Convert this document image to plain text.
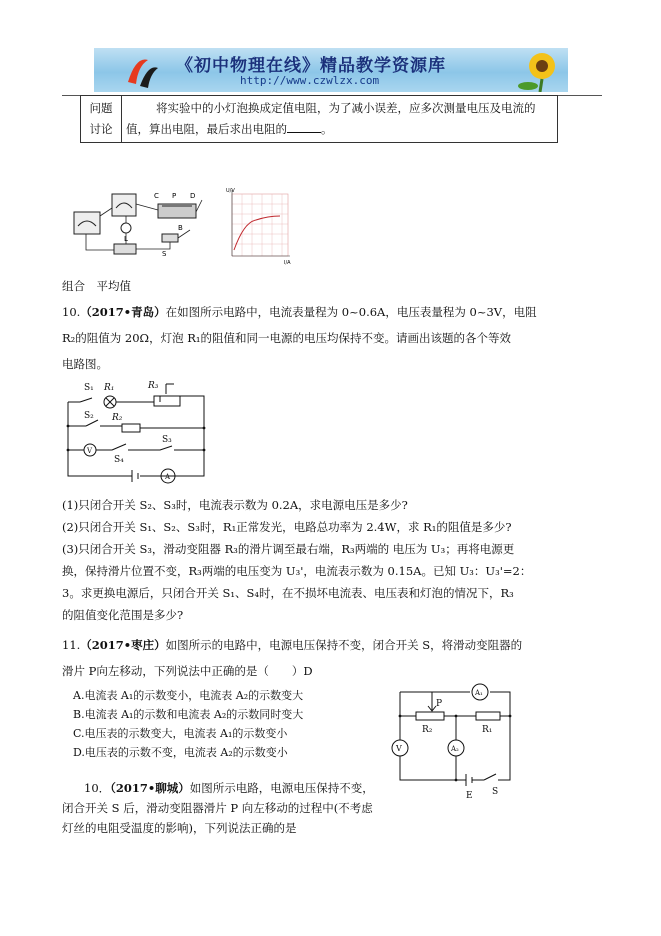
《初中物理在线》精品教学资源库
http://www.czwlzx.com
问题讨论	将实验中的小灯泡换成定值电阻，为了减小误差，应多次测量电压及电流的值，算出电阻，最后求出电阻的	。
C P D
L
S
B
U/V
I/A
组合　平均值
10.（2017•青岛）在如图所示电路中，电流表量程为 0~0.6A，电压表量程为 0~3V，电阻
R₂的阻值为 20Ω，灯泡 R₁的阻值和同一电源的电压均保持不变。请画出该题的各个等效
电路图。
S₁ R₁	R₃
S₂ R₂
S₃
V
S₄
A
(1)只闭合开关 S₂、S₃时，电流表示数为 0.2A，求电源电压是多少?
(2)只闭合开关 S₁、S₂、S₃时，R₁正常发光，电路总功率为 2.4W，求 R₁的阻值是多少?
(3)只闭合开关 S₃，滑动变阻器 R₃的滑片调至最右端，R₃两端的 电压为 U₃；再将电源更
换，保持滑片位置不变，R₃两端的电压变为 U₃'，电流表示数为 0.15A。已知 U₃：U₃'=2：
3。求更换电源后，只闭合开关 S₁、S₄时，在不损坏电流表、电压表和灯泡的情况下，R₃
的阻值变化范围是多少?
11.（2017•枣庄）如图所示的电路中，电源电压保持不变，闭合开关 S，将滑动变阻器的
滑片 P向左移动，下列说法中正确的是（　　）D
A.电流表 A₁的示数变小，电流表 A₂的示数变大
B.电流表 A₁的示数和电流表 A₂的示数同时变大
C.电压表的示数变大，电流表 A₁的示数变小
D.电压表的示数不变，电流表 A₂的示数变小
A₁
P
R₂	R₁
V	A₂
E S
10．（2017•聊城）如图所示电路，电源电压保持不变，
闭合开关 S 后，滑动变阻器滑片 P 向左移动的过程中(不考虑
灯丝的电阻受温度的影响)，下列说法正确的是
